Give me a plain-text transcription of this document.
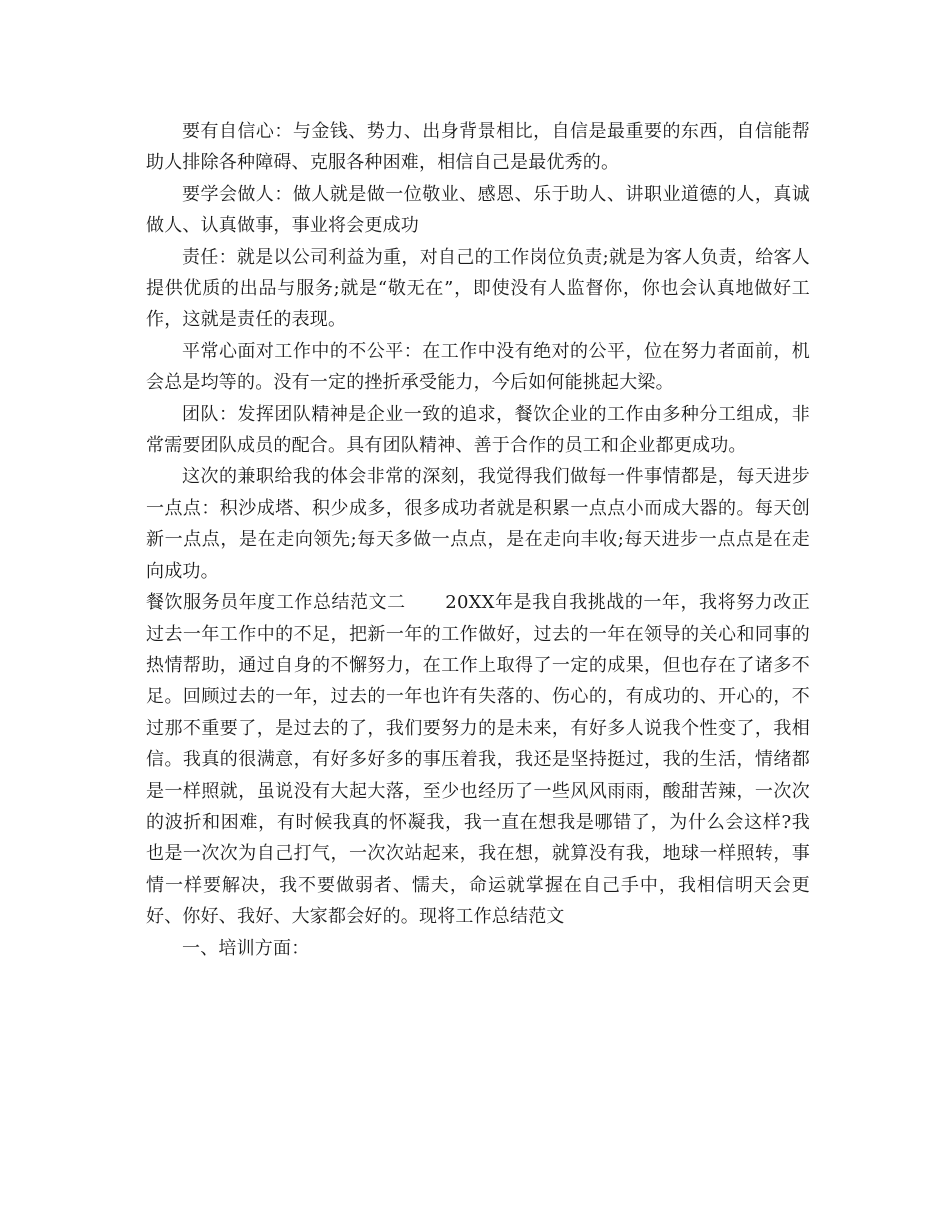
要有自信心：与金钱、势力、出身背景相比，自信是最重要的东西，自信能帮助人排除各种障碍、克服各种困难，相信自己是最优秀的。

要学会做人：做人就是做一位敬业、感恩、乐于助人、讲职业道德的人，真诚做人、认真做事，事业将会更成功

责任：就是以公司利益为重，对自己的工作岗位负责;就是为客人负责，给客人提供优质的出品与服务;就是“敬无在”，即使没有人监督你，你也会认真地做好工作，这就是责任的表现。

平常心面对工作中的不公平：在工作中没有绝对的公平，位在努力者面前，机会总是均等的。没有一定的挫折承受能力，今后如何能挑起大梁。

团队：发挥团队精神是企业一致的追求，餐饮企业的工作由多种分工组成，非常需要团队成员的配合。具有团队精神、善于合作的员工和企业都更成功。

这次的兼职给我的体会非常的深刻，我觉得我们做每一件事情都是，每天进步一点点：积沙成塔、积少成多，很多成功者就是积累一点点小而成大器的。每天创新一点点，是在走向领先;每天多做一点点，是在走向丰收;每天进步一点点是在走向成功。

餐饮服务员年度工作总结范文二 20XX年是我自我挑战的一年，我将努力改正过去一年工作中的不足，把新一年的工作做好，过去的一年在领导的关心和同事的热情帮助，通过自身的不懈努力，在工作上取得了一定的成果，但也存在了诸多不足。回顾过去的一年，过去的一年也许有失落的、伤心的，有成功的、开心的，不过那不重要了，是过去的了，我们要努力的是未来，有好多人说我个性变了，我相信。我真的很满意，有好多好多的事压着我，我还是坚持挺过，我的生活，情绪都是一样照就，虽说没有大起大落，至少也经历了一些风风雨雨，酸甜苦辣，一次次的波折和困难，有时候我真的怀凝我，我一直在想我是哪错了，为什么会这样?我也是一次次为自己打气，一次次站起来，我在想，就算没有我，地球一样照转，事情一样要解决，我不要做弱者、懦夫，命运就掌握在自己手中，我相信明天会更好、你好、我好、大家都会好的。现将工作总结范文

一、培训方面：
